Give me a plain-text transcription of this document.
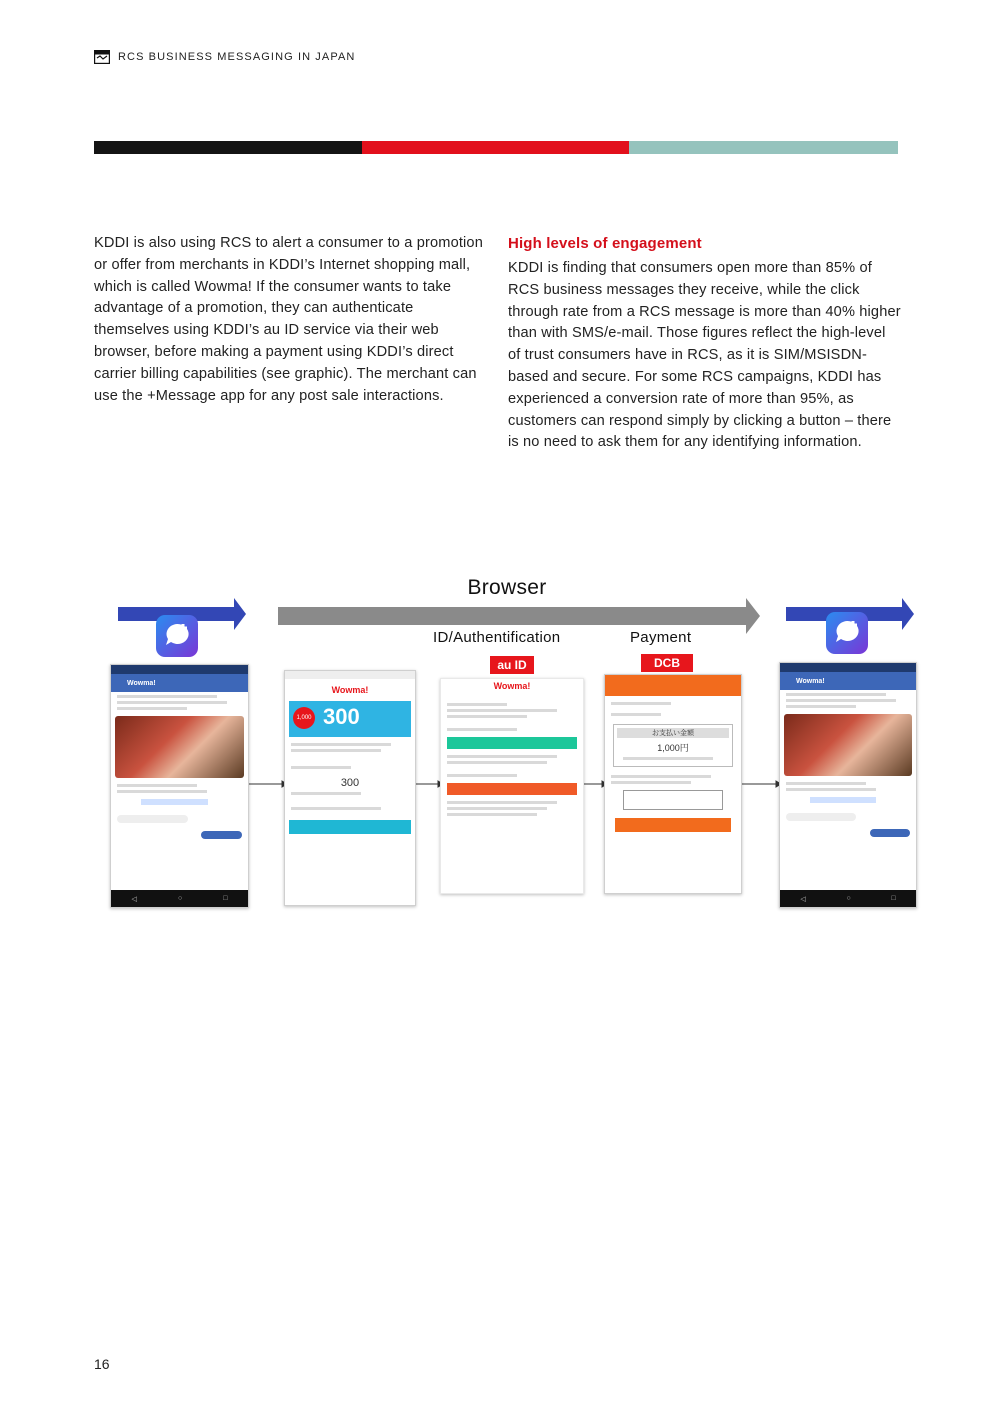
RCS BUSINESS MESSAGING IN JAPAN

KDDI is also using RCS to alert a consumer to a promotion or offer from merchants in KDDI’s Internet shopping mall, which is called Wowma! If the consumer wants to take advantage of a promotion, they can authenticate themselves using KDDI’s au ID service via their web browser, before making a payment using KDDI’s direct carrier billing capabilities (see graphic). The merchant can use the +Message app for any post sale interactions.

High levels of engagement

KDDI is finding that consumers open more than 85% of RCS business messages they receive, while the click through rate from a RCS message is more than 40% higher than with SMS/e-mail. Those figures reflect the high-level of trust consumers have in RCS, as it is SIM/MSISDN-based and secure. For some RCS campaigns, KDDI has experienced a conversion rate of more than 95%, as customers can respond simply by clicking a button – there is no need to ask them for any identifying information.

Browser
ID/Authentification	Payment
au ID	DCB
Wowma!
◁	○	□
Wowma!
1,000 300
300
Wowma!
お支払い金額
1,000円
Wowma!
◁	○	□
16
